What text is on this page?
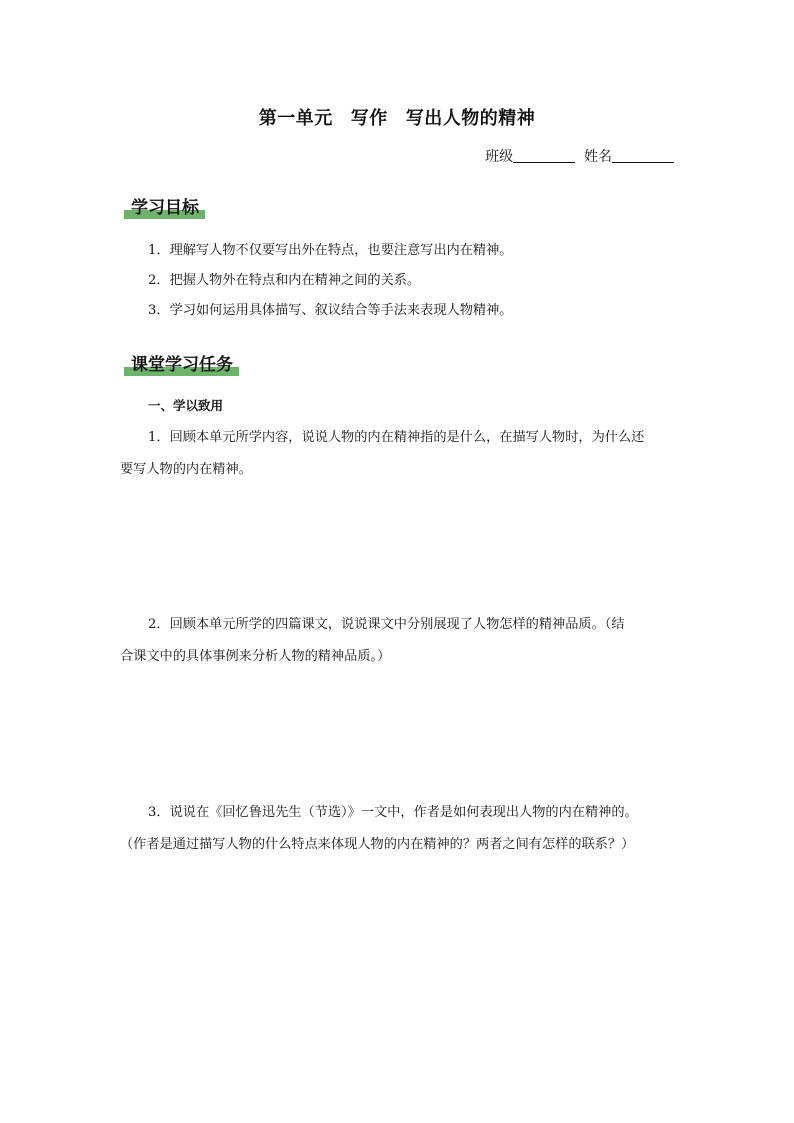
第一单元 写作 写出人物的精神
班级	姓名
学习目标
1．理解写人物不仅要写出外在特点，也要注意写出内在精神。
2．把握人物外在特点和内在精神之间的关系。
3．学习如何运用具体描写、叙议结合等手法来表现人物精神。
课堂学习任务
一、学以致用
1．回顾本单元所学内容，说说人物的内在精神指的是什么，在描写人物时，为什么还
要写人物的内在精神。
2．回顾本单元所学的四篇课文，说说课文中分别展现了人物怎样的精神品质。（结
合课文中的具体事例来分析人物的精神品质。）
3．说说在《回忆鲁迅先生（节选）》一文中，作者是如何表现出人物的内在精神的。
（作者是通过描写人物的什么特点来体现人物的内在精神的？两者之间有怎样的联系？）
